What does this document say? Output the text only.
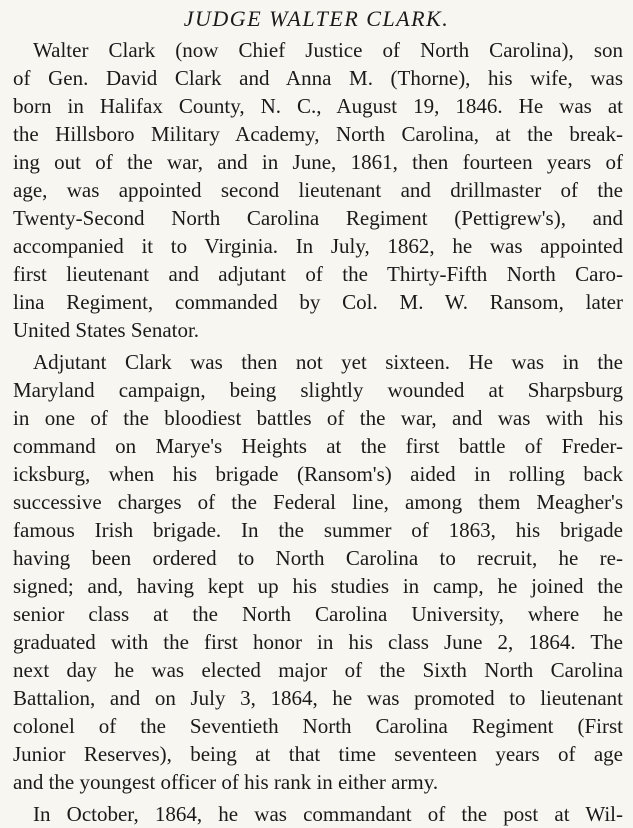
JUDGE WALTER CLARK.
Walter Clark (now Chief Justice of North Carolina), son
of Gen. David Clark and Anna M. (Thorne), his wife, was
born in Halifax County, N. C., August 19, 1846. He was at
the Hillsboro Military Academy, North Carolina, at the break-
ing out of the war, and in June, 1861, then fourteen years of
age, was appointed second lieutenant and drillmaster of the
Twenty-Second North Carolina Regiment (Pettigrew's), and
accompanied it to Virginia. In July, 1862, he was appointed
first lieutenant and adjutant of the Thirty-Fifth North Caro-
lina Regiment, commanded by Col. M. W. Ransom, later
United States Senator.
Adjutant Clark was then not yet sixteen. He was in the
Maryland campaign, being slightly wounded at Sharpsburg
in one of the bloodiest battles of the war, and was with his
command on Marye's Heights at the first battle of Freder-
icksburg, when his brigade (Ransom's) aided in rolling back
successive charges of the Federal line, among them Meagher's
famous Irish brigade. In the summer of 1863, his brigade
having been ordered to North Carolina to recruit, he re-
signed; and, having kept up his studies in camp, he joined the
senior class at the North Carolina University, where he
graduated with the first honor in his class June 2, 1864. The
next day he was elected major of the Sixth North Carolina
Battalion, and on July 3, 1864, he was promoted to lieutenant
colonel of the Seventieth North Carolina Regiment (First
Junior Reserves), being at that time seventeen years of age
and the youngest officer of his rank in either army.
In October, 1864, he was commandant of the post at Wil-
